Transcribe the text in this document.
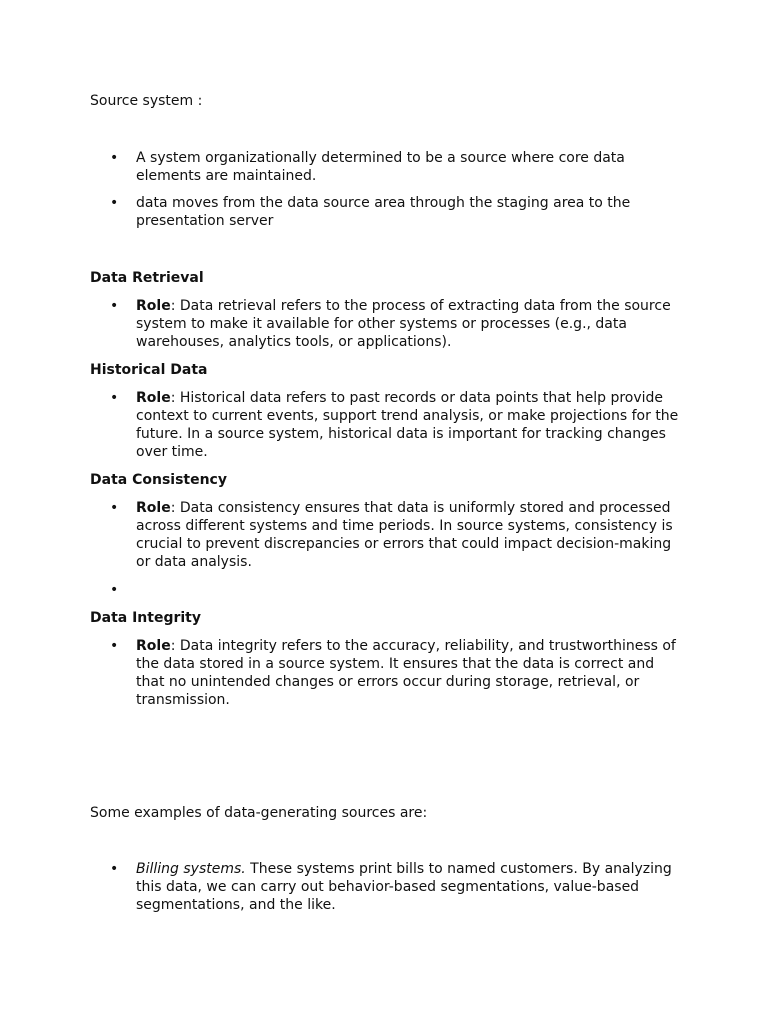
Source system :

• A system organizationally determined to be a source where core data elements are maintained.
• data moves from the data source area through the staging area to the presentation server
Data Retrieval
• Role: Data retrieval refers to the process of extracting data from the source system to make it available for other systems or processes (e.g., data warehouses, analytics tools, or applications).
Historical Data
• Role: Historical data refers to past records or data points that help provide context to current events, support trend analysis, or make projections for the future. In a source system, historical data is important for tracking changes over time.
Data Consistency
• Role: Data consistency ensures that data is uniformly stored and processed across different systems and time periods. In source systems, consistency is crucial to prevent discrepancies or errors that could impact decision-making or data analysis.
•
Data Integrity
• Role: Data integrity refers to the accuracy, reliability, and trustworthiness of the data stored in a source system. It ensures that the data is correct and that no unintended changes or errors occur during storage, retrieval, or transmission.

Some examples of data-generating sources are:

• Billing systems. These systems print bills to named customers. By analyzing this data, we can carry out behavior-based segmentations, value-based segmentations, and the like.
